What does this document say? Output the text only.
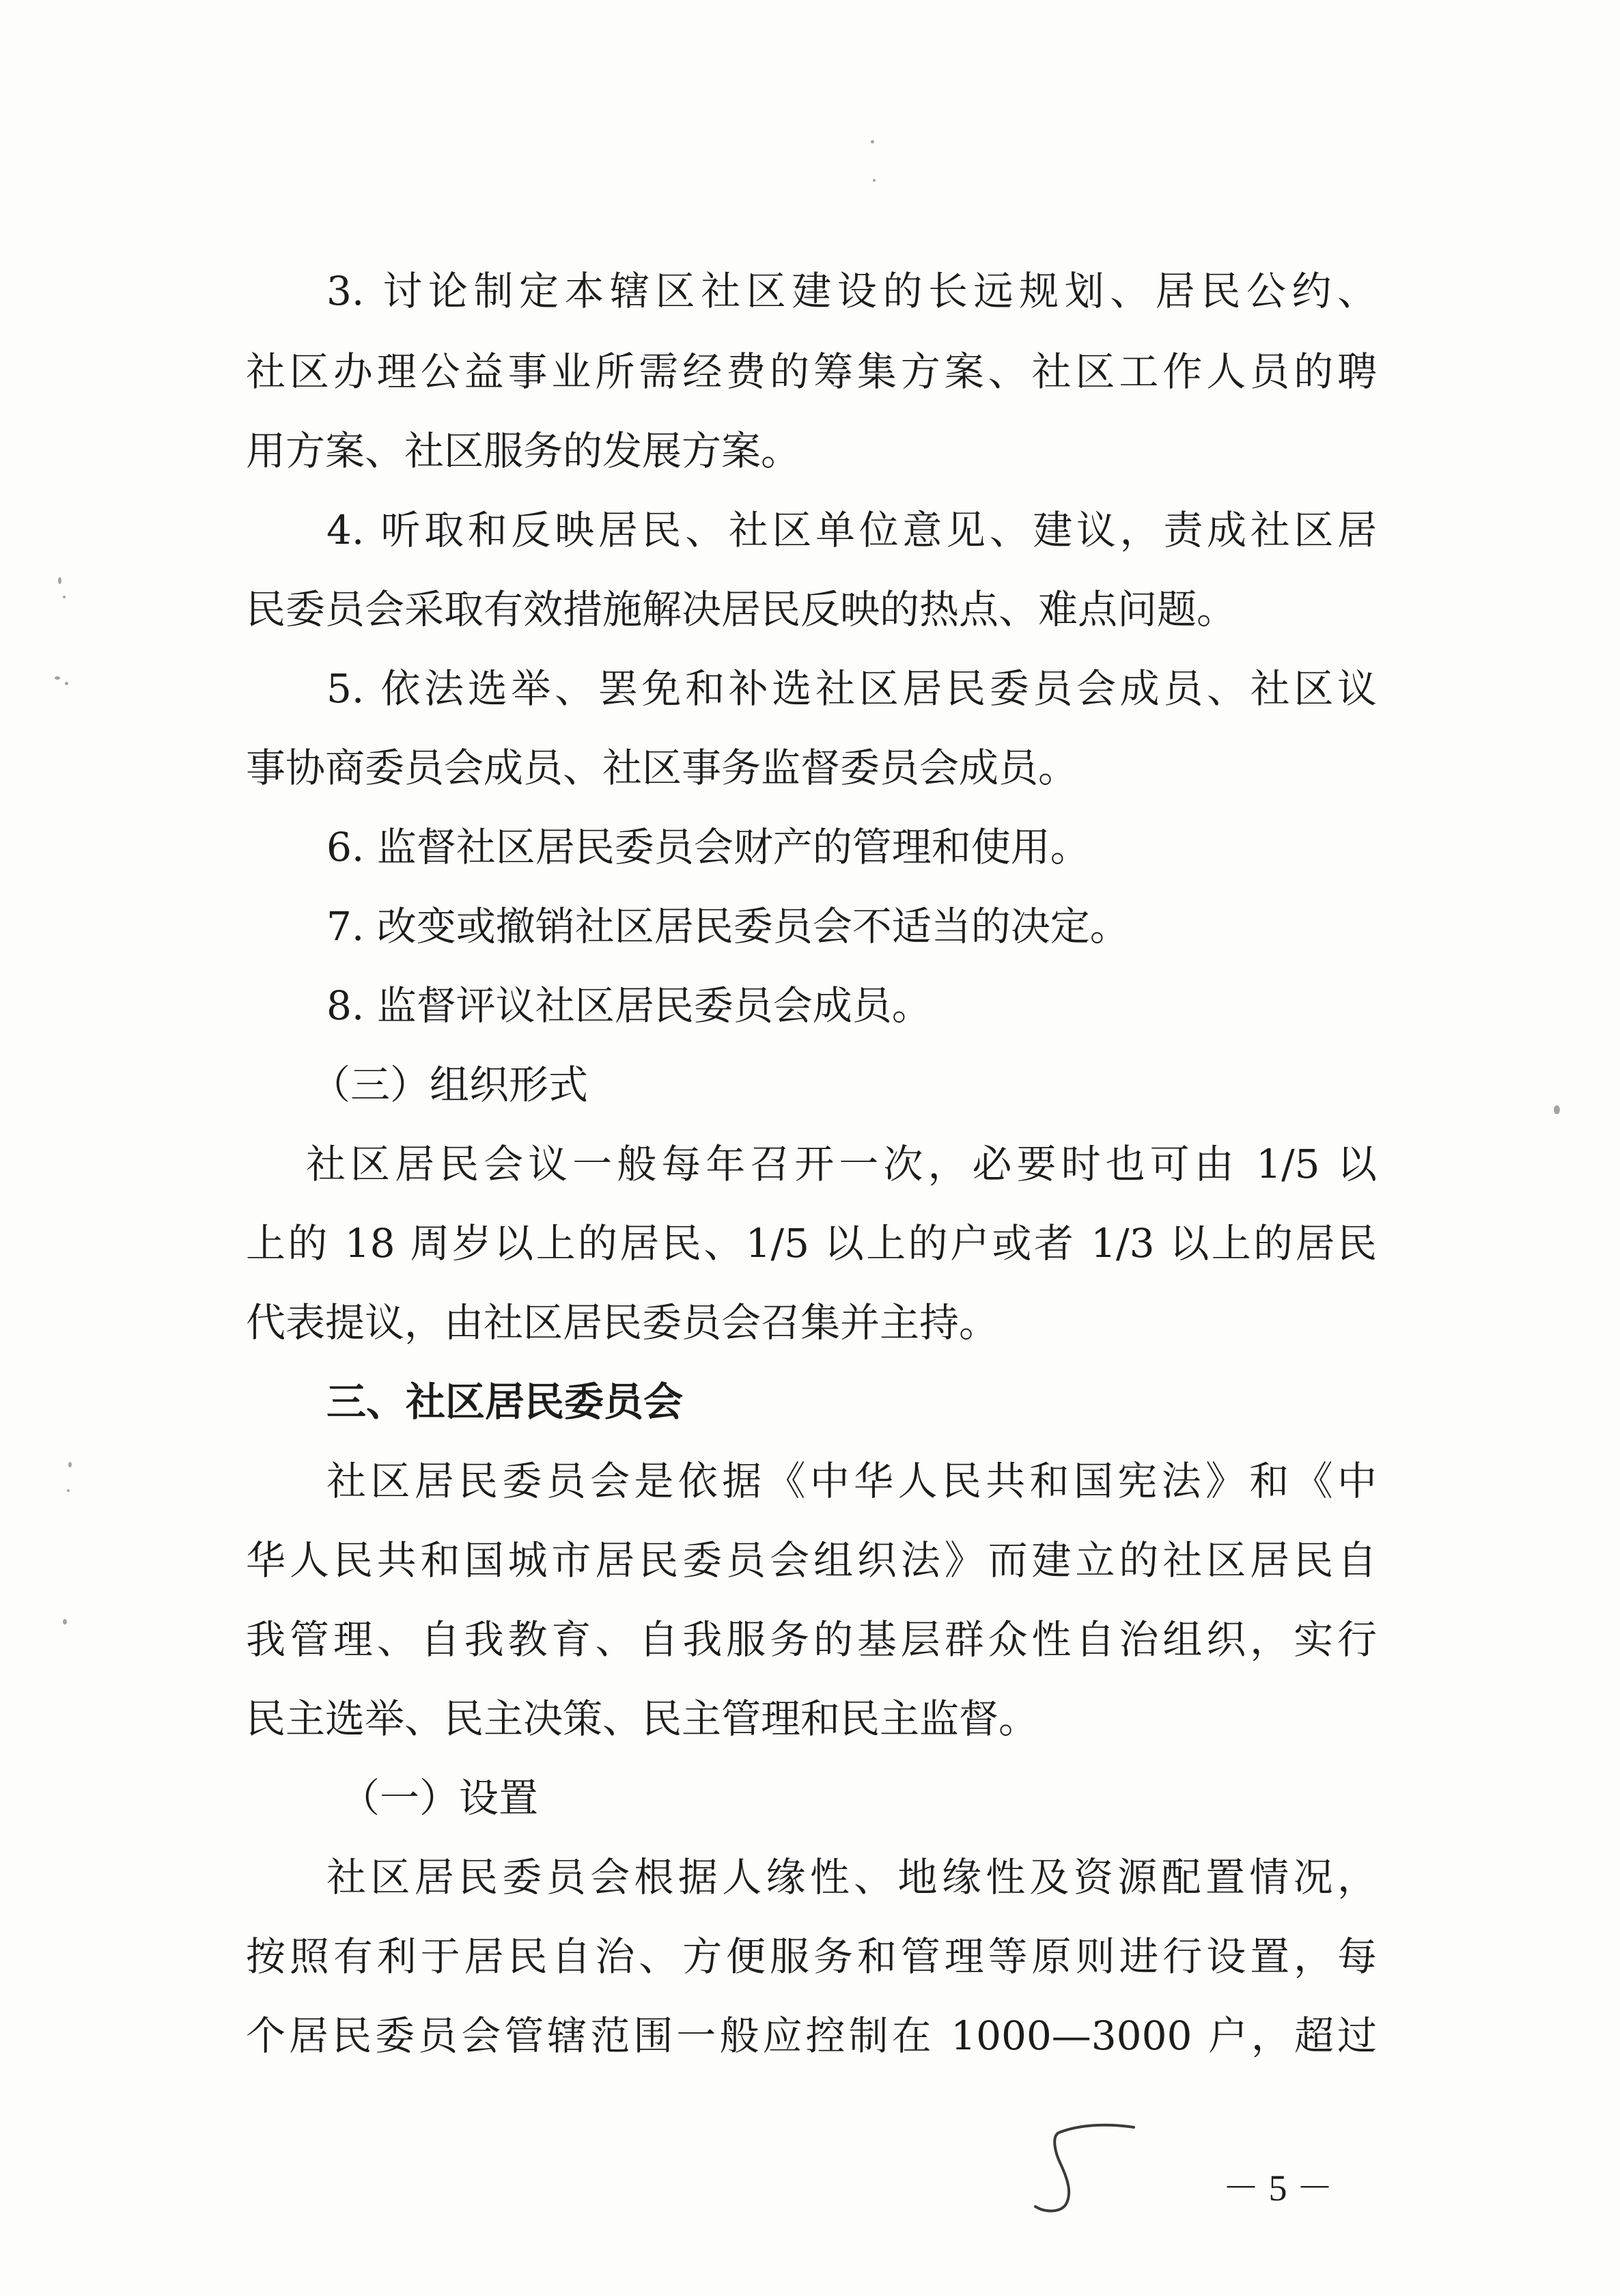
3. 讨论制定本辖区社区建设的长远规划、居民公约、
社区办理公益事业所需经费的筹集方案、社区工作人员的聘
用方案、社区服务的发展方案。
4. 听取和反映居民、社区单位意见、建议，责成社区居
民委员会采取有效措施解决居民反映的热点、难点问题。
5. 依法选举、罢免和补选社区居民委员会成员、社区议
事协商委员会成员、社区事务监督委员会成员。
6. 监督社区居民委员会财产的管理和使用。
7. 改变或撤销社区居民委员会不适当的决定。
8. 监督评议社区居民委员会成员。
（三）组织形式
社区居民会议一般每年召开一次，必要时也可由 1/5 以
上的 18 周岁以上的居民、1/5 以上的户或者 1/3 以上的居民
代表提议，由社区居民委员会召集并主持。
三、社区居民委员会
社区居民委员会是依据《中华人民共和国宪法》和《中
华人民共和国城市居民委员会组织法》而建立的社区居民自
我管理、自我教育、自我服务的基层群众性自治组织，实行
民主选举、民主决策、民主管理和民主监督。
（一）设置
社区居民委员会根据人缘性、地缘性及资源配置情况，
按照有利于居民自治、方便服务和管理等原则进行设置，每
个居民委员会管辖范围一般应控制在 1000—3000 户，超过
－ 5 －
